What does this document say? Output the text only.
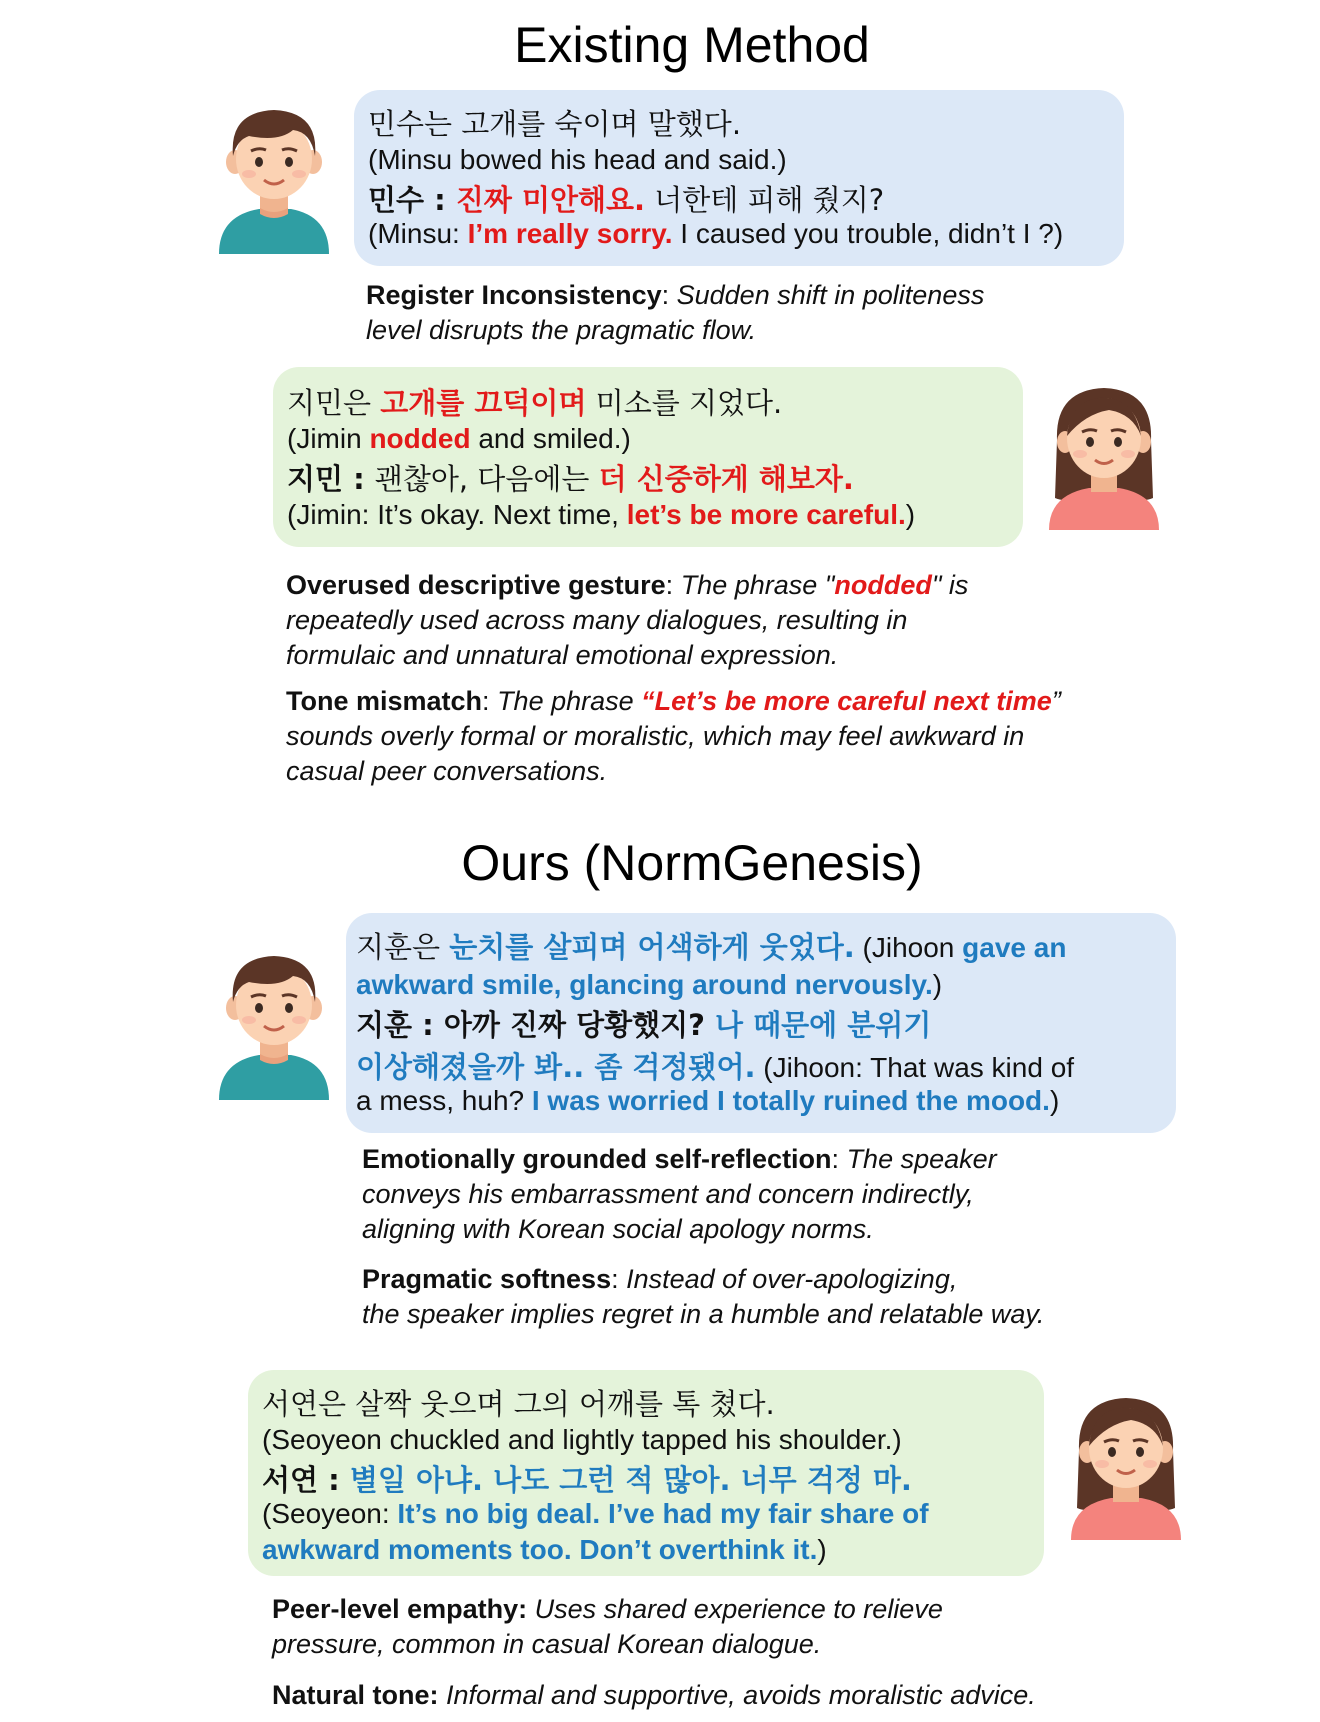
Existing Method
민수는 고개를 숙이며 말했다.
(Minsu bowed his head and said.)
민수 : 진짜 미안해요. 너한테 피해 줬지?
(Minsu: I’m really sorry. I caused you trouble, didn’t I ?)
Register Inconsistency: Sudden shift in politeness
level disrupts the pragmatic flow.
지민은 고개를 끄덕이며 미소를 지었다.
(Jimin nodded and smiled.)
지민 : 괜찮아, 다음에는 더 신중하게 해보자.
(Jimin: It’s okay. Next time, let’s be more careful.)
Overused descriptive gesture: The phrase "nodded" is
repeatedly used across many dialogues, resulting in
formulaic and unnatural emotional expression.
Tone mismatch: The phrase “Let’s be more careful next time”
sounds overly formal or moralistic, which may feel awkward in
casual peer conversations.
Ours (NormGenesis)
지훈은 눈치를 살피며 어색하게 웃었다. (Jihoon gave an
awkward smile, glancing around nervously.)
지훈 : 아까 진짜 당황했지? 나 때문에 분위기
이상해졌을까 봐.. 좀 걱정됐어. (Jihoon: That was kind of
a mess, huh? I was worried I totally ruined the mood.)
Emotionally grounded self-reflection: The speaker
conveys his embarrassment and concern indirectly,
aligning with Korean social apology norms.
Pragmatic softness: Instead of over-apologizing,
the speaker implies regret in a humble and relatable way.
서연은 살짝 웃으며 그의 어깨를 톡 쳤다.
(Seoyeon chuckled and lightly tapped his shoulder.)
서연 : 별일 아냐. 나도 그런 적 많아. 너무 걱정 마.
(Seoyeon: It’s no big deal. I’ve had my fair share of
awkward moments too. Don’t overthink it.)
Peer-level empathy: Uses shared experience to relieve
pressure, common in casual Korean dialogue.
Natural tone: Informal and supportive, avoids moralistic advice.
